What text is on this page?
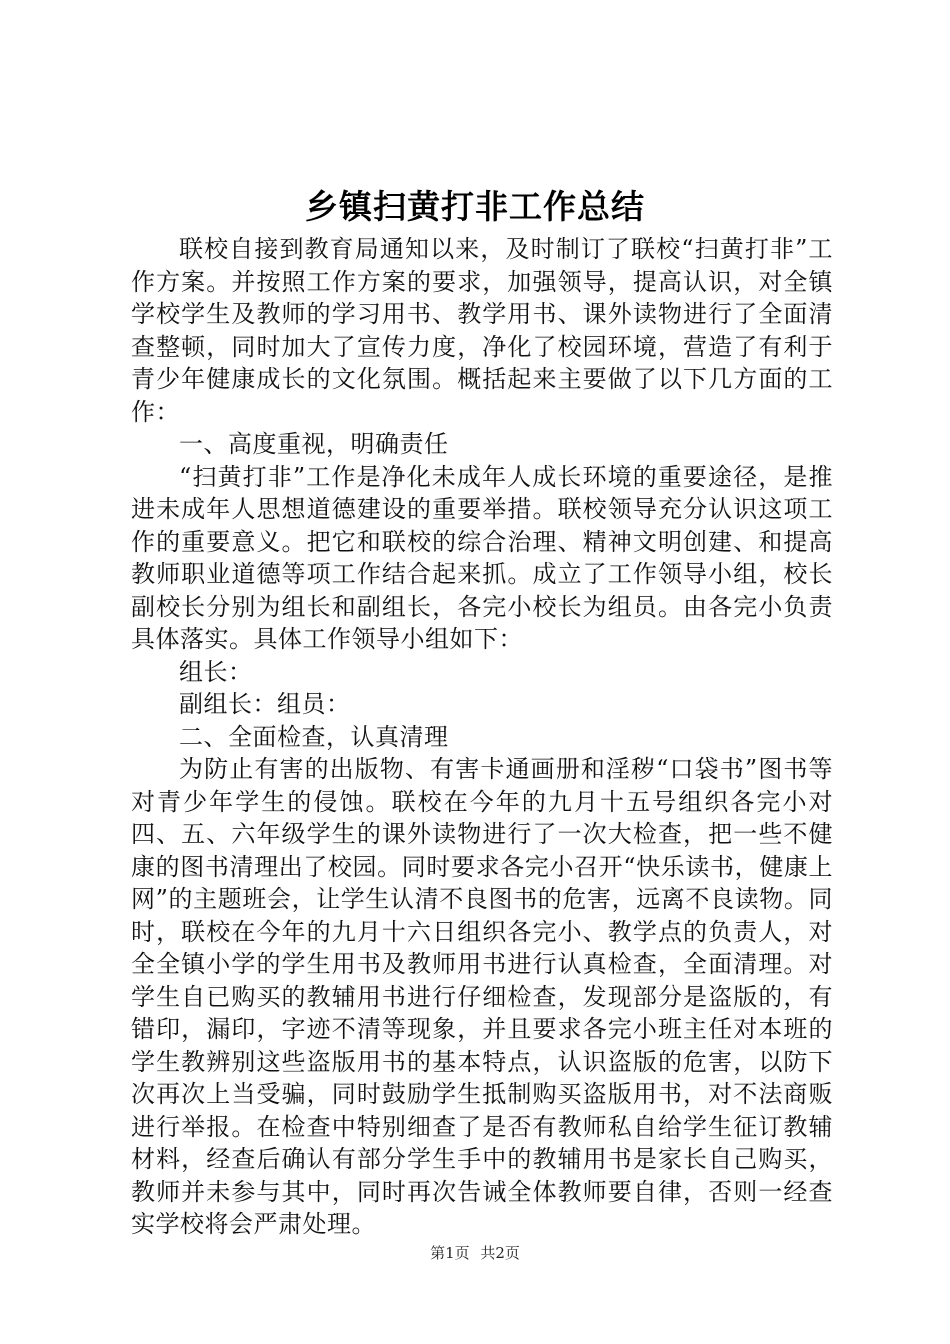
乡镇扫黄打非工作总结

联校自接到教育局通知以来，及时制订了联校“扫黄打非”工作方案。并按照工作方案的要求，加强领导，提高认识，对全镇学校学生及教师的学习用书、教学用书、课外读物进行了全面清查整顿，同时加大了宣传力度，净化了校园环境，营造了有利于青少年健康成长的文化氛围。概括起来主要做了以下几方面的工作：

一、高度重视，明确责任

“扫黄打非”工作是净化未成年人成长环境的重要途径，是推进未成年人思想道德建设的重要举措。联校领导充分认识这项工作的重要意义。把它和联校的综合治理、精神文明创建、和提高教师职业道德等项工作结合起来抓。成立了工作领导小组，校长副校长分别为组长和副组长，各完小校长为组员。由各完小负责具体落实。具体工作领导小组如下：

组长：

副组长：组员：

二、全面检查，认真清理

为防止有害的出版物、有害卡通画册和淫秽“口袋书”图书等对青少年学生的侵蚀。联校在今年的九月十五号组织各完小对四、五、六年级学生的课外读物进行了一次大检查，把一些不健康的图书清理出了校园。同时要求各完小召开“快乐读书，健康上网”的主题班会，让学生认清不良图书的危害，远离不良读物。同时，联校在今年的九月十六日组织各完小、教学点的负责人，对全全镇小学的学生用书及教师用书进行认真检查，全面清理。对学生自已购买的教辅用书进行仔细检查，发现部分是盗版的，有错印，漏印，字迹不清等现象，并且要求各完小班主任对本班的学生教辨别这些盗版用书的基本特点，认识盗版的危害，以防下次再次上当受骗，同时鼓励学生抵制购买盗版用书，对不法商贩进行举报。在检查中特别细查了是否有教师私自给学生征订教辅材料，经查后确认有部分学生手中的教辅用书是家长自己购买，教师并未参与其中，同时再次告诫全体教师要自律，否则一经查实学校将会严肃处理。

第1页 共2页
